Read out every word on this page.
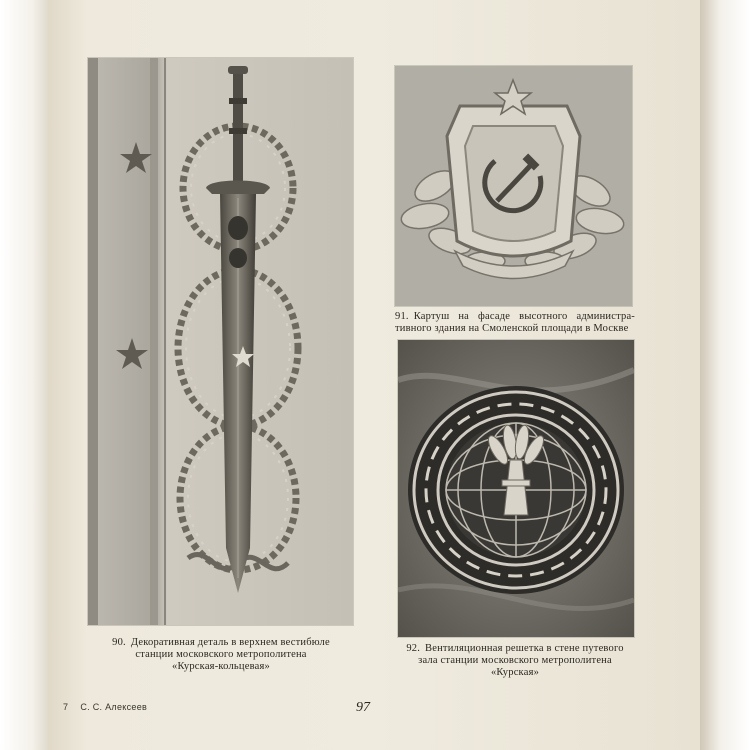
90. Декоративная деталь в верхнем вестибюле
станции московского метрополитена
«Курская-кольцевая»
91. Картуш на фасаде высотного администра-
тивного здания на Смоленской площади в Москве
92. Вентиляционная решетка в стене путевого
зала станции московского метрополитена
«Курская»
7 С. С. Алексеев	97
